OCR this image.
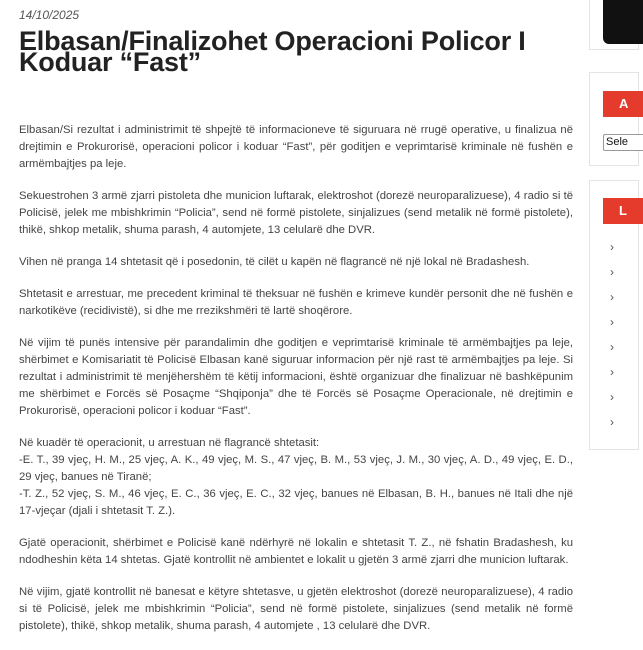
14/10/2025
Elbasan/Finalizohet Operacioni Policor I Koduar “Fast”

Elbasan/Si rezultat i administrimit të shpejtë të informacioneve të siguruara në rrugë operative, u finalizua në drejtimin e Prokurorisë, operacioni policor i koduar “Fast”, për goditjen e veprimtarisë kriminale në fushën e armëmbajtjes pa leje.

Sekuestrohen 3 armë zjarri pistoleta dhe municion luftarak, elektroshot (dorezë neuroparalizuese), 4 radio si të Policisë, jelek me mbishkrimin “Policia”, send në formë pistolete, sinjalizues (send metalik në formë pistolete), thikë, shkop metalik, shuma parash, 4 automjete, 13 celularë dhe DVR.

Vihen në pranga 14 shtetasit që i posedonin, të cilët u kapën në flagrancë në një lokal në Bradashesh.

Shtetasit e arrestuar, me precedent kriminal të theksuar në fushën e krimeve kundër personit dhe në fushën e narkotikëve (recidivistë), si dhe me rrezikshmëri të lartë shoqërore.

Në vijim të punës intensive për parandalimin dhe goditjen e veprimtarisë kriminale të armëmbajtjes pa leje, shërbimet e Komisariatit të Policisë Elbasan kanë siguruar informacion për një rast të armëmbajtjes pa leje. Si rezultat i administrimit të menjëhershëm të këtij informacioni, është organizuar dhe finalizuar në bashkëpunim me shërbimet e Forcës së Posaçme “Shqiponja” dhe të Forcës së Posaçme Operacionale, në drejtimin e Prokurorisë, operacioni policor i koduar “Fast”.

Në kuadër të operacionit, u arrestuan në flagrancë shtetasit:
-E. T., 39 vjeç, H. M., 25 vjeç, A. K., 49 vjeç, M. S., 47 vjeç, B. M., 53 vjeç, J. M., 30 vjeç, A. D., 49 vjeç, E. D., 29 vjeç, banues në Tiranë;
-T. Z., 52 vjeç, S. M., 46 vjeç, E. C., 36 vjeç, E. C., 32 vjeç, banues në Elbasan, B. H., banues në Itali dhe një 17-vjeçar (djali i shtetasit T. Z.).

Gjatë operacionit, shërbimet e Policisë kanë ndërhyrë në lokalin e shtetasit T. Z., në fshatin Bradashesh, ku ndodheshin këta 14 shtetas. Gjatë kontrollit në ambientet e lokalit u gjetën 3 armë zjarri dhe municion luftarak.

Në vijim, gjatë kontrollit në banesat e këtyre shtetasve, u gjetën elektroshot (dorezë neuroparalizuese), 4 radio si të Policisë, jelek me mbishkrimin “Policia”, send në formë pistolete, sinjalizues (send metalik në formë pistolete), thikë, shkop metalik, shuma parash, 4 automjete , 13 celularë dhe DVR.

A
Sele
L
›
›
›
›
›
›
›
›
